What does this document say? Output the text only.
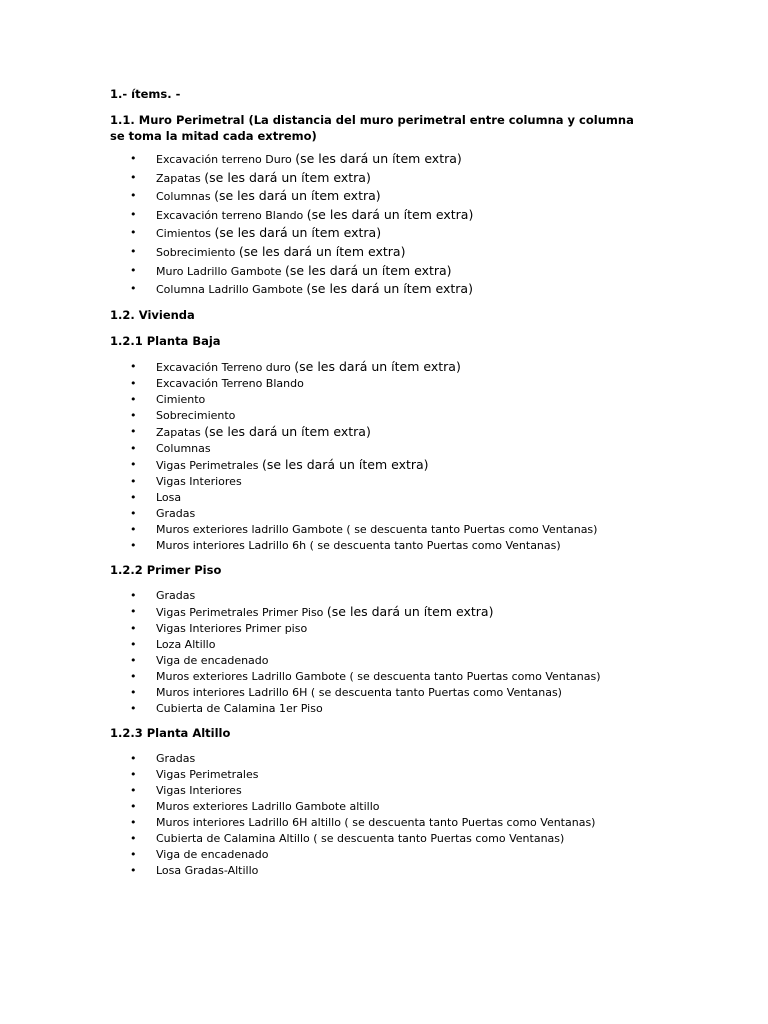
1.- ítems. -

1.1. Muro Perimetral (La distancia del muro perimetral entre columna y columna se toma la mitad cada extremo)

• Excavación terreno Duro (se les dará un ítem extra)
• Zapatas (se les dará un ítem extra)
• Columnas (se les dará un ítem extra)
• Excavación terreno Blando (se les dará un ítem extra)
• Cimientos (se les dará un ítem extra)
• Sobrecimiento (se les dará un ítem extra)
• Muro Ladrillo Gambote (se les dará un ítem extra)
• Columna Ladrillo Gambote (se les dará un ítem extra)

1.2. Vivienda

1.2.1 Planta Baja

• Excavación Terreno duro (se les dará un ítem extra)
• Excavación Terreno Blando
• Cimiento
• Sobrecimiento
• Zapatas (se les dará un ítem extra)
• Columnas
• Vigas Perimetrales (se les dará un ítem extra)
• Vigas Interiores
• Losa
• Gradas
• Muros exteriores ladrillo Gambote ( se descuenta tanto Puertas como Ventanas)
• Muros interiores Ladrillo 6h ( se descuenta tanto Puertas como Ventanas)

1.2.2 Primer Piso

• Gradas
• Vigas Perimetrales Primer Piso (se les dará un ítem extra)
• Vigas Interiores Primer piso
• Loza Altillo
• Viga de encadenado
• Muros exteriores Ladrillo Gambote ( se descuenta tanto Puertas como Ventanas)
• Muros interiores Ladrillo 6H ( se descuenta tanto Puertas como Ventanas)
• Cubierta de Calamina 1er Piso

1.2.3 Planta Altillo

• Gradas
• Vigas Perimetrales
• Vigas Interiores
• Muros exteriores Ladrillo Gambote altillo
• Muros interiores Ladrillo 6H altillo ( se descuenta tanto Puertas como Ventanas)
• Cubierta de Calamina Altillo ( se descuenta tanto Puertas como Ventanas)
• Viga de encadenado
• Losa Gradas-Altillo
